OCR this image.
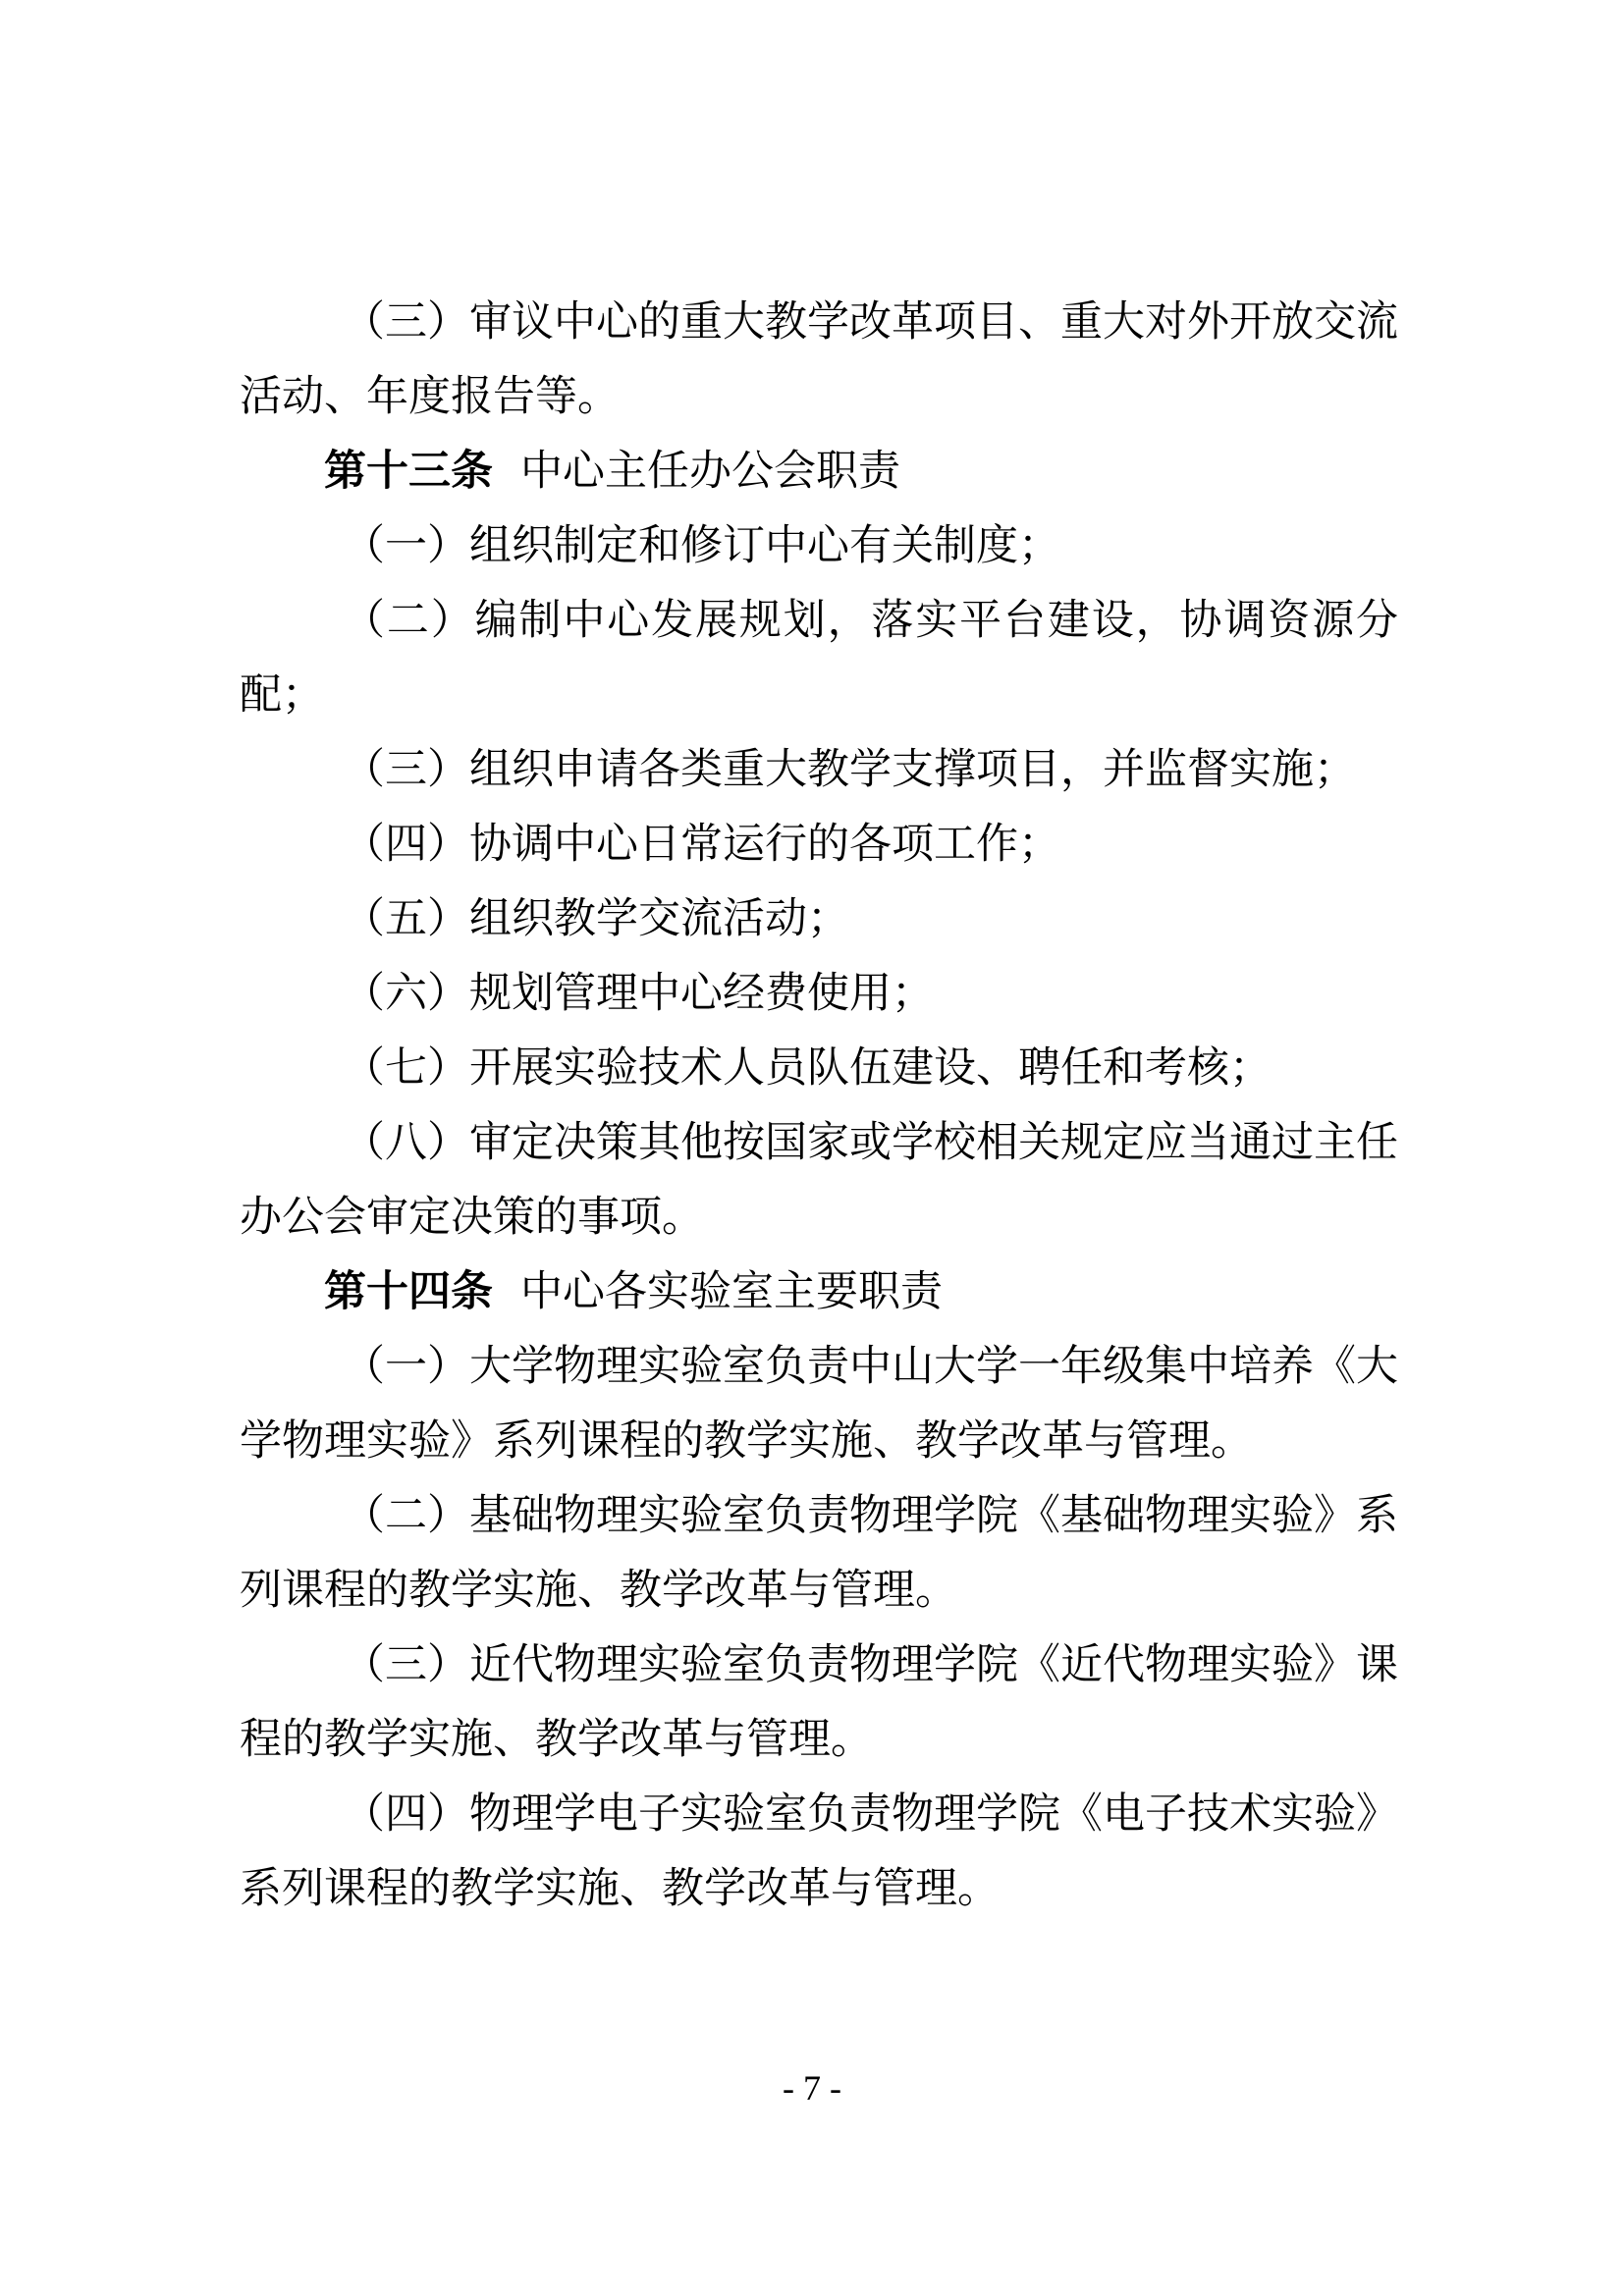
（三）审议中心的重大教学改革项目、重大对外开放交流活动、年度报告等。

第十三条 中心主任办公会职责

（一）组织制定和修订中心有关制度；

（二）编制中心发展规划，落实平台建设，协调资源分配；

（三）组织申请各类重大教学支撑项目，并监督实施；

（四）协调中心日常运行的各项工作；

（五）组织教学交流活动；

（六）规划管理中心经费使用；

（七）开展实验技术人员队伍建设、聘任和考核；

（八）审定决策其他按国家或学校相关规定应当通过主任办公会审定决策的事项。

第十四条 中心各实验室主要职责

（一）大学物理实验室负责中山大学一年级集中培养《大学物理实验》系列课程的教学实施、教学改革与管理。

（二）基础物理实验室负责物理学院《基础物理实验》系列课程的教学实施、教学改革与管理。

（三）近代物理实验室负责物理学院《近代物理实验》课程的教学实施、教学改革与管理。

（四）物理学电子实验室负责物理学院《电子技术实验》系列课程的教学实施、教学改革与管理。

- 7 -
